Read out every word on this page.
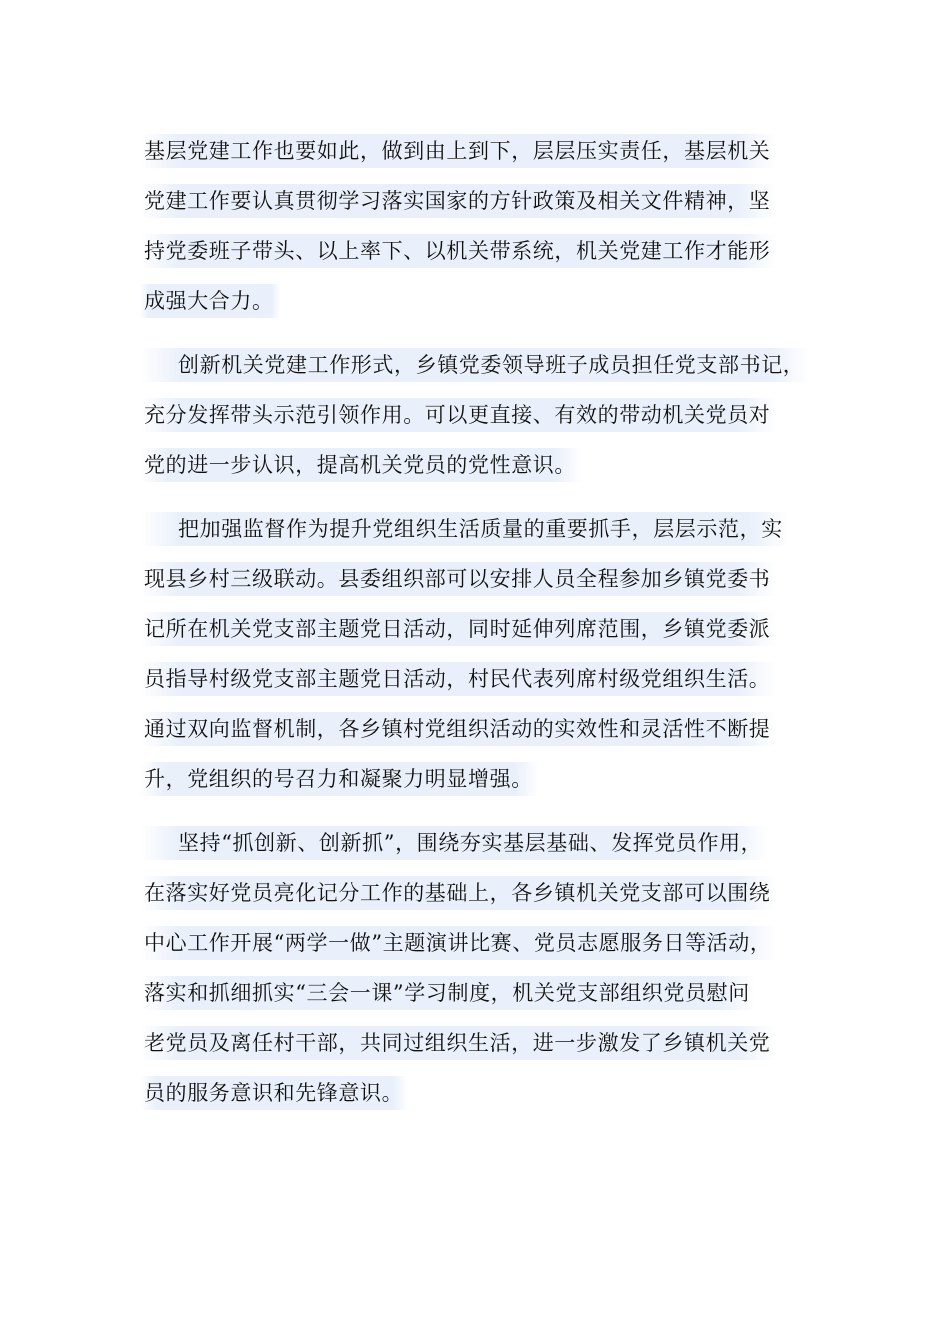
基层党建工作也要如此，做到由上到下，层层压实责任，基层机关
党建工作要认真贯彻学习落实国家的方针政策及相关文件精神，坚
持党委班子带头、以上率下、以机关带系统，机关党建工作才能形
成强大合力。
创新机关党建工作形式，乡镇党委领导班子成员担任党支部书记，
充分发挥带头示范引领作用。可以更直接、有效的带动机关党员对
党的进一步认识，提高机关党员的党性意识。
把加强监督作为提升党组织生活质量的重要抓手，层层示范，实
现县乡村三级联动。县委组织部可以安排人员全程参加乡镇党委书
记所在机关党支部主题党日活动，同时延伸列席范围，乡镇党委派
员指导村级党支部主题党日活动，村民代表列席村级党组织生活。
通过双向监督机制，各乡镇村党组织活动的实效性和灵活性不断提
升，党组织的号召力和凝聚力明显增强。
坚持“抓创新、创新抓”，围绕夯实基层基础、发挥党员作用，
在落实好党员亮化记分工作的基础上，各乡镇机关党支部可以围绕
中心工作开展“两学一做”主题演讲比赛、党员志愿服务日等活动，
落实和抓细抓实“三会一课”学习制度，机关党支部组织党员慰问
老党员及离任村干部，共同过组织生活，进一步激发了乡镇机关党
员的服务意识和先锋意识。
